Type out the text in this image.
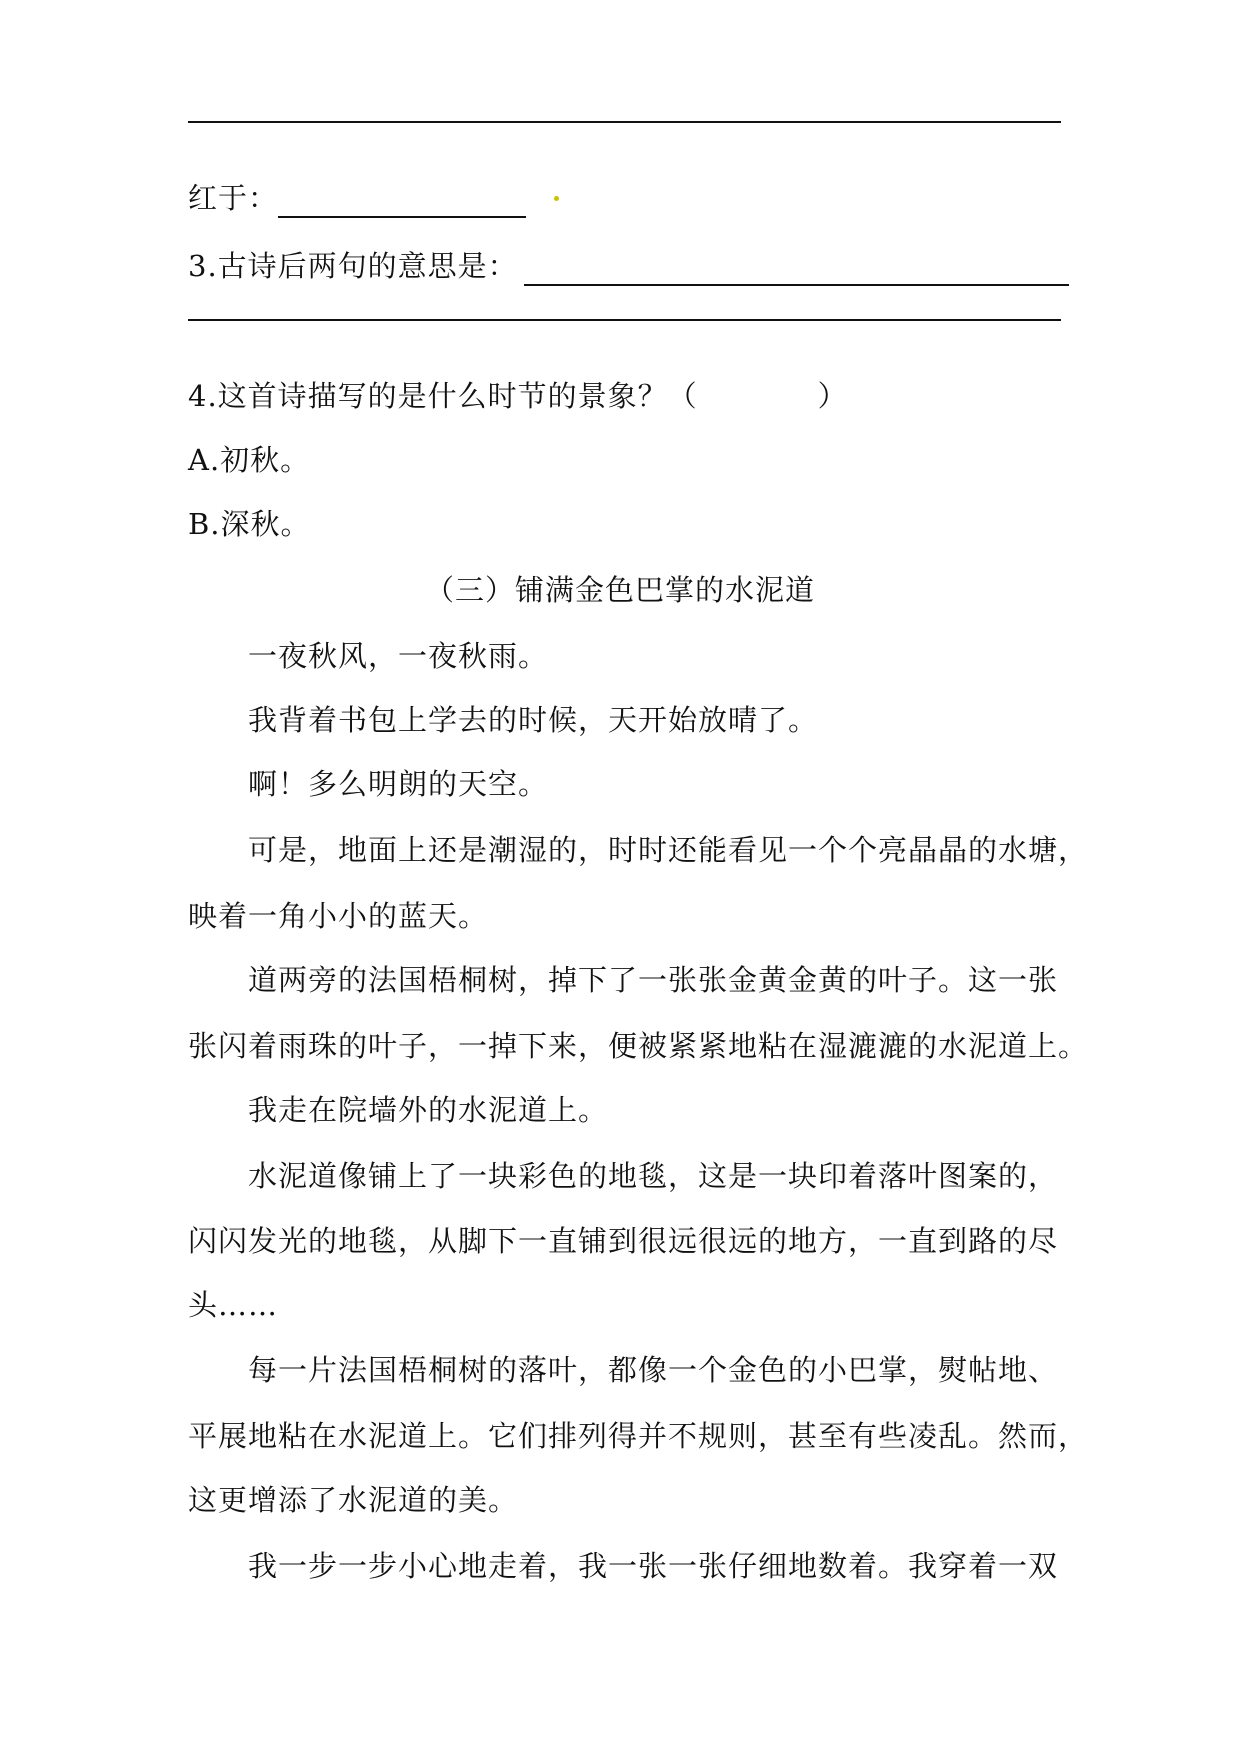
红于：
3.古诗后两句的意思是：
4.这首诗描写的是什么时节的景象？（　　　　）
A.初秋。
B.深秋。
（三）铺满金色巴掌的水泥道
一夜秋风，一夜秋雨。
我背着书包上学去的时候，天开始放晴了。
啊！多么明朗的天空。
可是，地面上还是潮湿的，时时还能看见一个个亮晶晶的水塘，
映着一角小小的蓝天。
道两旁的法国梧桐树，掉下了一张张金黄金黄的叶子。这一张
张闪着雨珠的叶子，一掉下来，便被紧紧地粘在湿漉漉的水泥道上。
我走在院墙外的水泥道上。
水泥道像铺上了一块彩色的地毯，这是一块印着落叶图案的，
闪闪发光的地毯，从脚下一直铺到很远很远的地方，一直到路的尽
头……
每一片法国梧桐树的落叶，都像一个金色的小巴掌，熨帖地、
平展地粘在水泥道上。它们排列得并不规则，甚至有些凌乱。然而，
这更增添了水泥道的美。
我一步一步小心地走着，我一张一张仔细地数着。我穿着一双
